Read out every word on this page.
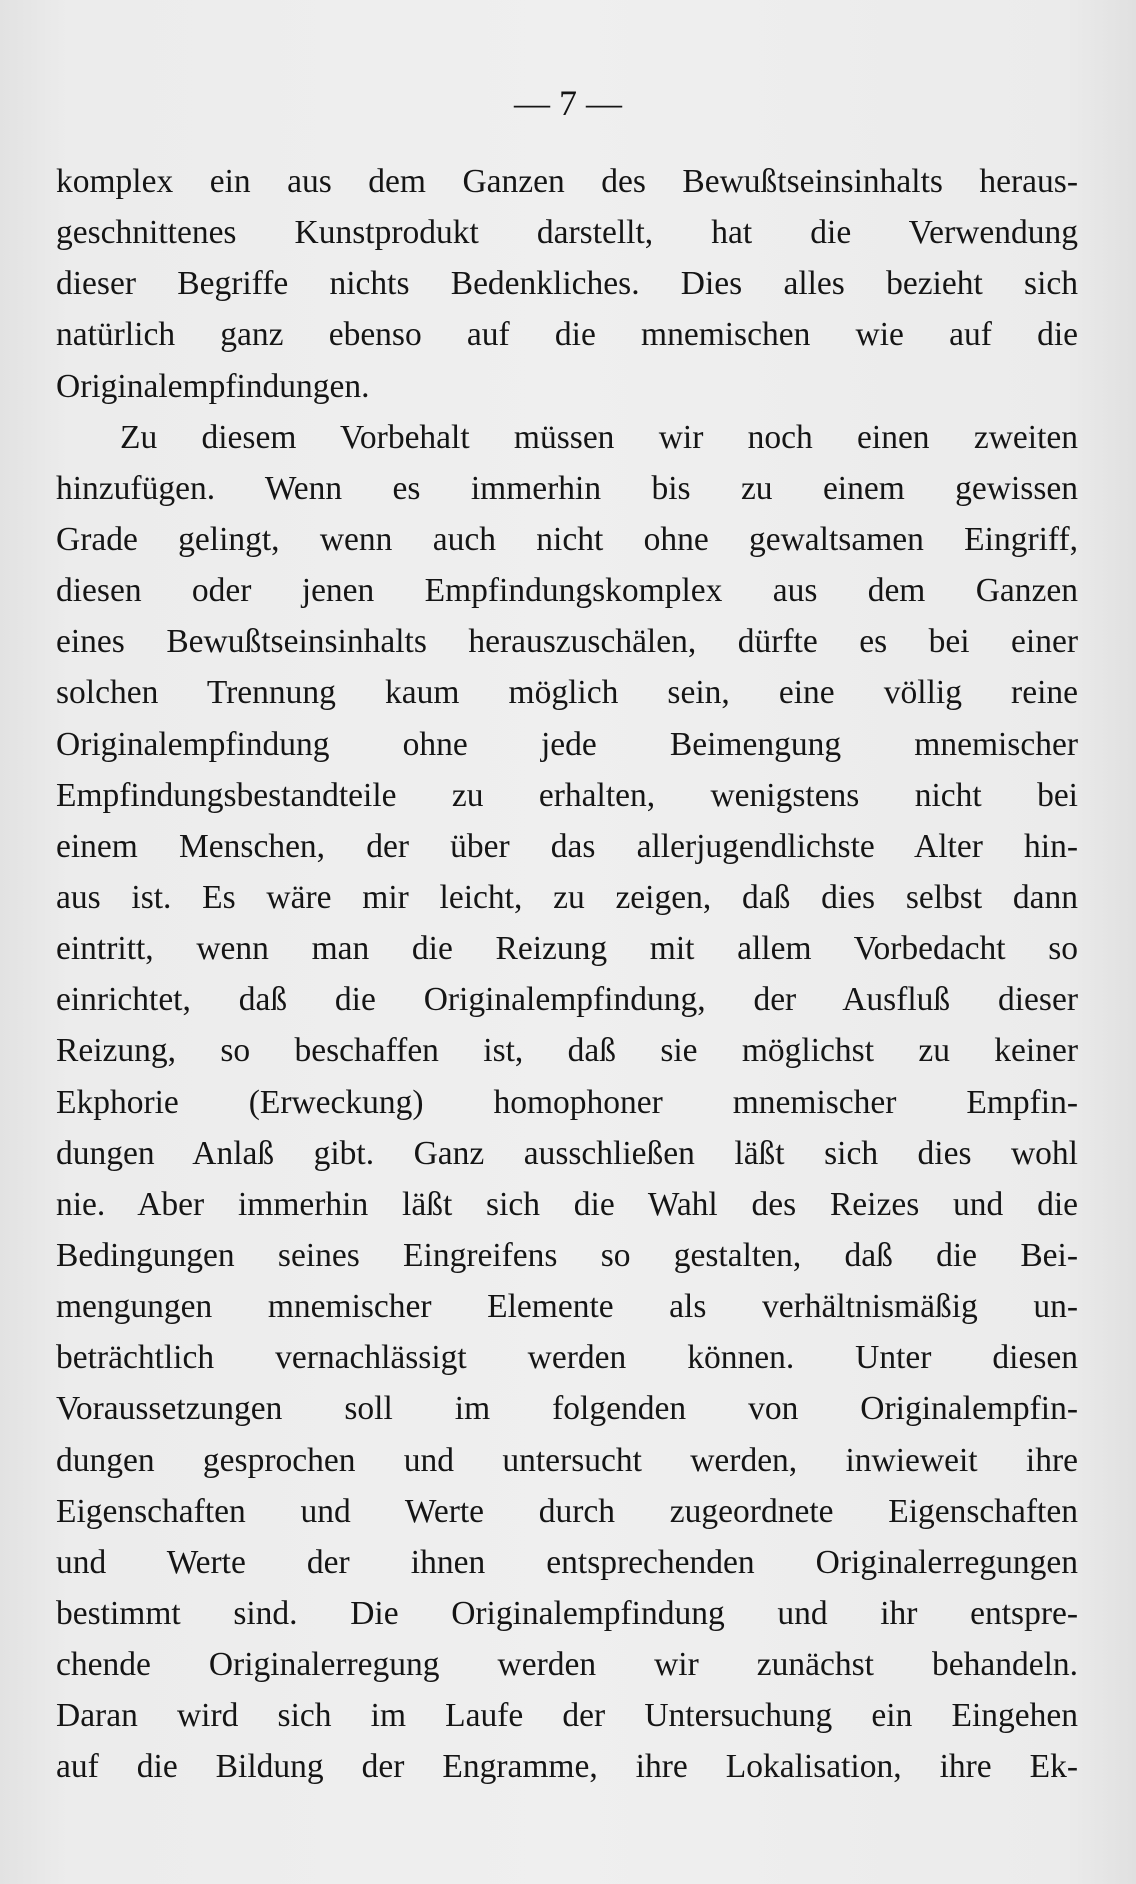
— 7 —
komplex ein aus dem Ganzen des Bewußtseinsinhalts heraus-
geschnittenes Kunstprodukt darstellt, hat die Verwendung
dieser Begriffe nichts Bedenkliches. Dies alles bezieht sich
natürlich ganz ebenso auf die mnemischen wie auf die
Originalempfindungen.
Zu diesem Vorbehalt müssen wir noch einen zweiten
hinzufügen. Wenn es immerhin bis zu einem gewissen
Grade gelingt, wenn auch nicht ohne gewaltsamen Eingriff,
diesen oder jenen Empfindungskomplex aus dem Ganzen
eines Bewußtseinsinhalts herauszuschälen, dürfte es bei einer
solchen Trennung kaum möglich sein, eine völlig reine
Originalempfindung ohne jede Beimengung mnemischer
Empfindungsbestandteile zu erhalten, wenigstens nicht bei
einem Menschen, der über das allerjugendlichste Alter hin-
aus ist. Es wäre mir leicht, zu zeigen, daß dies selbst dann
eintritt, wenn man die Reizung mit allem Vorbedacht so
einrichtet, daß die Originalempfindung, der Ausfluß dieser
Reizung, so beschaffen ist, daß sie möglichst zu keiner
Ekphorie (Erweckung) homophoner mnemischer Empfin-
dungen Anlaß gibt. Ganz ausschließen läßt sich dies wohl
nie. Aber immerhin läßt sich die Wahl des Reizes und die
Bedingungen seines Eingreifens so gestalten, daß die Bei-
mengungen mnemischer Elemente als verhältnismäßig un-
beträchtlich vernachlässigt werden können. Unter diesen
Voraussetzungen soll im folgenden von Originalempfin-
dungen gesprochen und untersucht werden, inwieweit ihre
Eigenschaften und Werte durch zugeordnete Eigenschaften
und Werte der ihnen entsprechenden Originalerregungen
bestimmt sind. Die Originalempfindung und ihr entspre-
chende Originalerregung werden wir zunächst behandeln.
Daran wird sich im Laufe der Untersuchung ein Eingehen
auf die Bildung der Engramme, ihre Lokalisation, ihre Ek-
